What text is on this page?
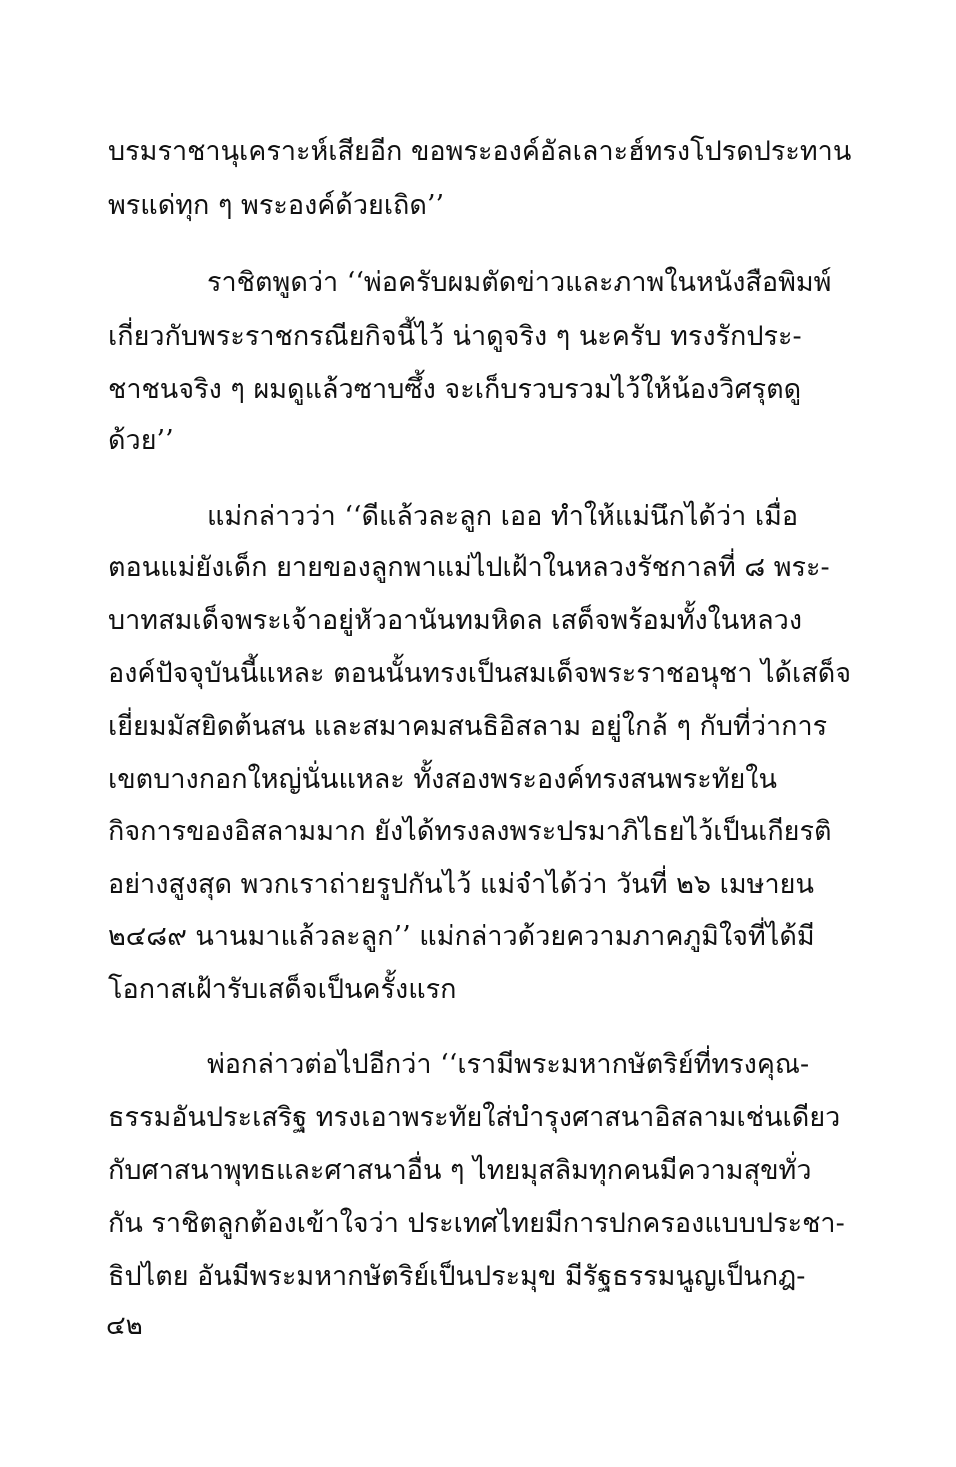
บรมราชานุเคราะห์เสียอีก ขอพระองค์อัลเลาะฮ์ทรงโปรดประทาน
พรแด่ทุก ๆ พระองค์ด้วยเถิด’’
ราชิตพูดว่า ‘‘พ่อครับผมตัดข่าวและภาพในหนังสือพิมพ์
เกี่ยวกับพระราชกรณียกิจนี้ไว้ น่าดูจริง ๆ นะครับ ทรงรักประ-
ชาชนจริง ๆ ผมดูแล้วซาบซึ้ง จะเก็บรวบรวมไว้ให้น้องวิศรุตดู
ด้วย’’
แม่กล่าวว่า ‘‘ดีแล้วละลูก เออ ทำให้แม่นึกได้ว่า เมื่อ
ตอนแม่ยังเด็ก ยายของลูกพาแม่ไปเฝ้าในหลวงรัชกาลที่ ๘ พระ-
บาทสมเด็จพระเจ้าอยู่หัวอานันทมหิดล เสด็จพร้อมทั้งในหลวง
องค์ปัจจุบันนี้แหละ ตอนนั้นทรงเป็นสมเด็จพระราชอนุชา ได้เสด็จ
เยี่ยมมัสยิดต้นสน และสมาคมสนธิอิสลาม อยู่ใกล้ ๆ กับที่ว่าการ
เขตบางกอกใหญ่นั่นแหละ ทั้งสองพระองค์ทรงสนพระทัยใน
กิจการของอิสลามมาก ยังได้ทรงลงพระปรมาภิไธยไว้เป็นเกียรติ
อย่างสูงสุด พวกเราถ่ายรูปกันไว้ แม่จำได้ว่า วันที่ ๒๖ เมษายน
๒๔๘๙ นานมาแล้วละลูก’’ แม่กล่าวด้วยความภาคภูมิใจที่ได้มี
โอกาสเฝ้ารับเสด็จเป็นครั้งแรก
พ่อกล่าวต่อไปอีกว่า ‘‘เรามีพระมหากษัตริย์ที่ทรงคุณ-
ธรรมอันประเสริฐ ทรงเอาพระทัยใส่บำรุงศาสนาอิสลามเช่นเดียว
กับศาสนาพุทธและศาสนาอื่น ๆ ไทยมุสลิมทุกคนมีความสุขทั่ว
กัน ราชิตลูกต้องเข้าใจว่า ประเทศไทยมีการปกครองแบบประชา-
ธิปไตย อันมีพระมหากษัตริย์เป็นประมุข มีรัฐธรรมนูญเป็นกฎ-
๔๒
